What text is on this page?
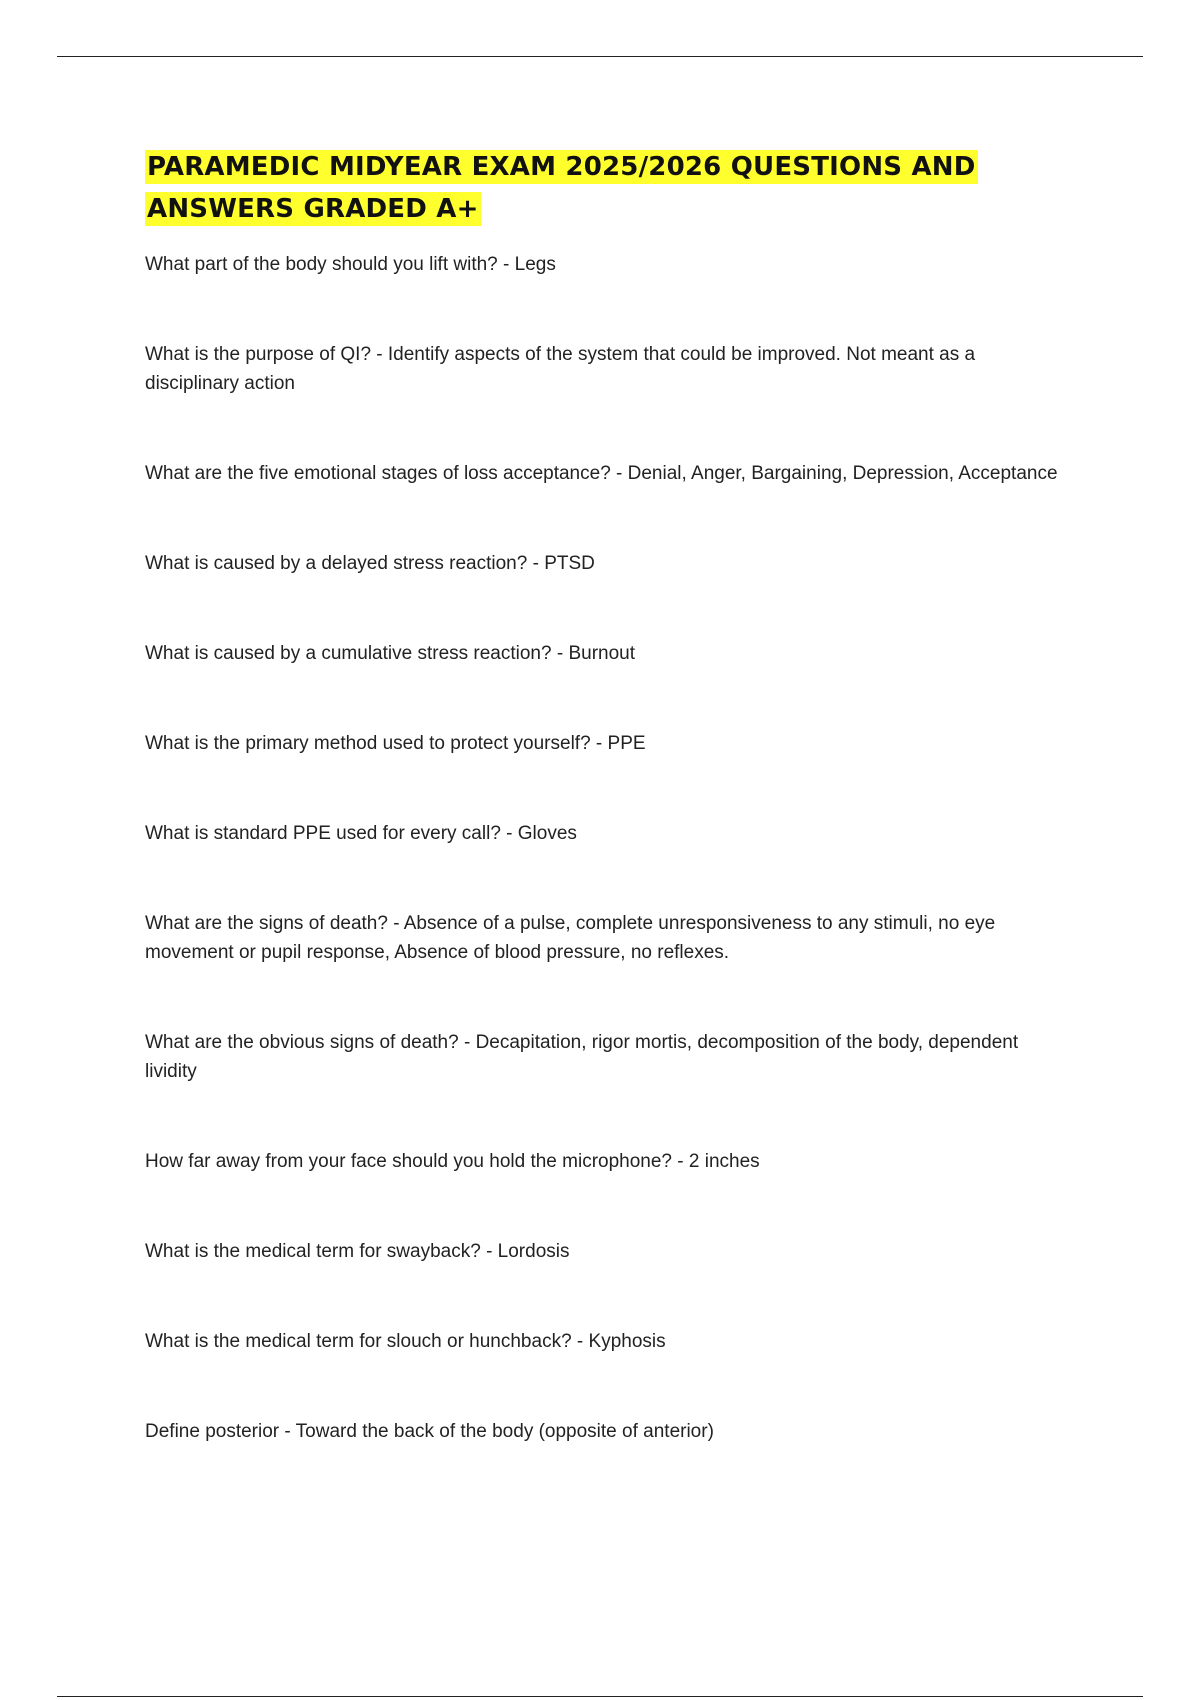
PARAMEDIC MIDYEAR EXAM 2025/2026 QUESTIONS AND ANSWERS GRADED A+
What part of the body should you lift with? - Legs
What is the purpose of QI? - Identify aspects of the system that could be improved. Not meant as a disciplinary action
What are the five emotional stages of loss acceptance? - Denial, Anger, Bargaining, Depression, Acceptance
What is caused by a delayed stress reaction? - PTSD
What is caused by a cumulative stress reaction? - Burnout
What is the primary method used to protect yourself? - PPE
What is standard PPE used for every call? - Gloves
What are the signs of death? - Absence of a pulse, complete unresponsiveness to any stimuli, no eye movement or pupil response, Absence of blood pressure, no reflexes.
What are the obvious signs of death? - Decapitation, rigor mortis, decomposition of the body, dependent lividity
How far away from your face should you hold the microphone? - 2 inches
What is the medical term for swayback? - Lordosis
What is the medical term for slouch or hunchback? - Kyphosis
Define posterior - Toward the back of the body (opposite of anterior)
